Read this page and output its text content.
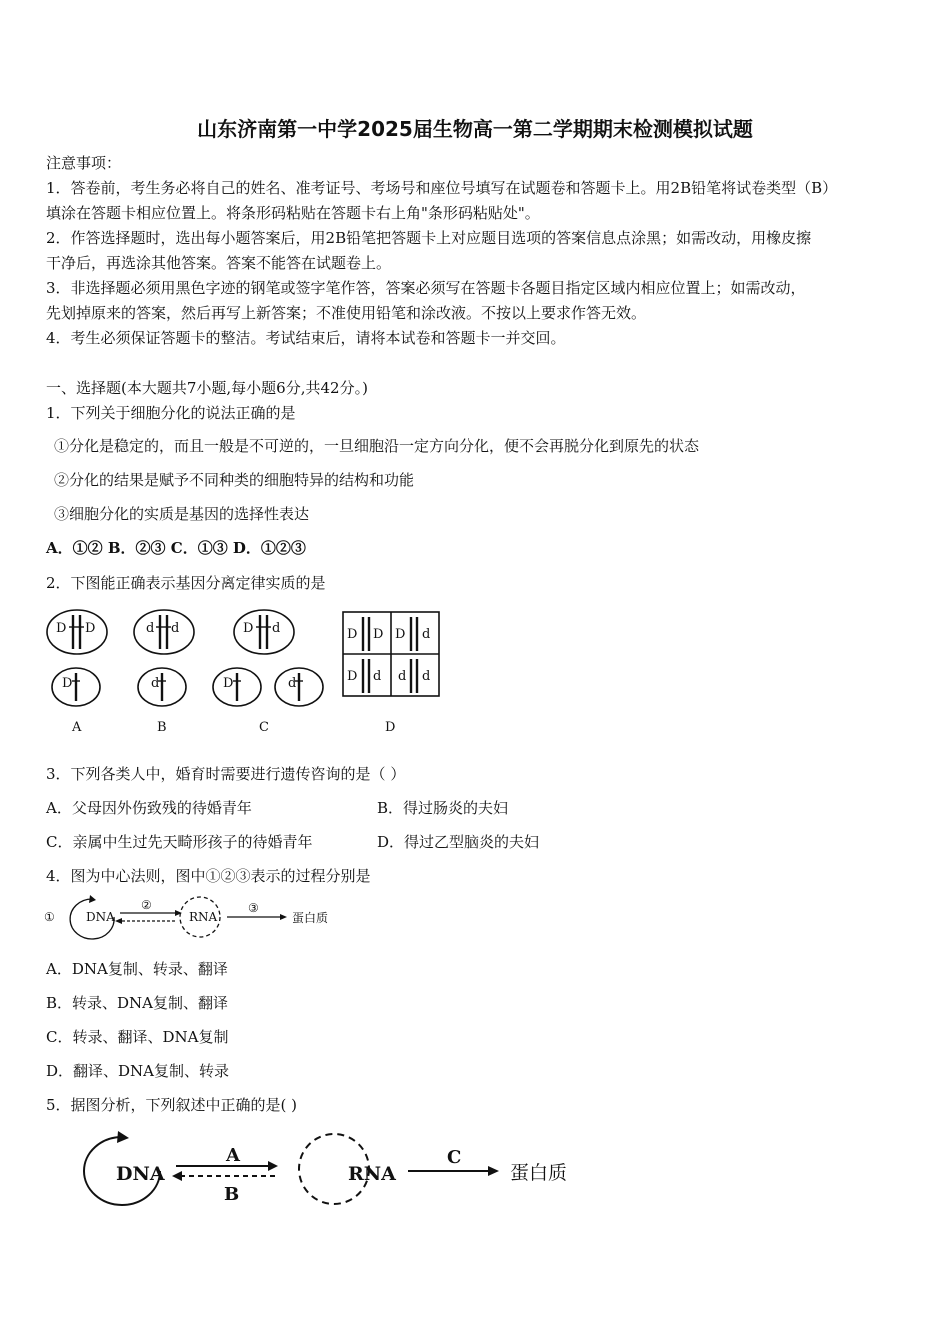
山东济南第一中学2025届生物高一第二学期期末检测模拟试题
注意事项：
1．答卷前，考生务必将自己的姓名、准考证号、考场号和座位号填写在试题卷和答题卡上。用2B铅笔将试卷类型（B）
填涂在答题卡相应位置上。将条形码粘贴在答题卡右上角"条形码粘贴处"。
2．作答选择题时，选出每小题答案后，用2B铅笔把答题卡上对应题目选项的答案信息点涂黑；如需改动，用橡皮擦
干净后，再选涂其他答案。答案不能答在试题卷上。
3．非选择题必须用黑色字迹的钢笔或签字笔作答，答案必须写在答题卡各题目指定区域内相应位置上；如需改动，
先划掉原来的答案，然后再写上新答案；不准使用铅笔和涂改液。不按以上要求作答无效。
4．考生必须保证答题卡的整洁。考试结束后，请将本试卷和答题卡一并交回。
一、选择题(本大题共7小题,每小题6分,共42分。)
1．下列关于细胞分化的说法正确的是
①分化是稳定的，而且一般是不可逆的，一旦细胞沿一定方向分化，便不会再脱分化到原先的状态
②分化的结果是赋予不同种类的细胞特异的结构和功能
③细胞分化的实质是基因的选择性表达
A．①② B．②③ C．①③ D．①②③
2．下图能正确表示基因分离定律实质的是
D D
D
d d
d
D d
D	d
D D D d
D d d d
A	B	C	D
3．下列各类人中，婚育时需要进行遗传咨询的是（ ）
A．父母因外伤致残的待婚青年	B．得过肠炎的夫妇
C．亲属中生过先天畸形孩子的待婚青年	D．得过乙型脑炎的夫妇
4．图为中心法则，图中①②③表示的过程分别是
①	DNA
②
RNA
③
蛋白质
A．DNA复制、转录、翻译
B．转录、DNA复制、翻译
C．转录、翻译、DNA复制
D．翻译、DNA复制、转录
5．据图分析，下列叙述中正确的是( )
DNA
A
B
RNA
C
蛋白质
